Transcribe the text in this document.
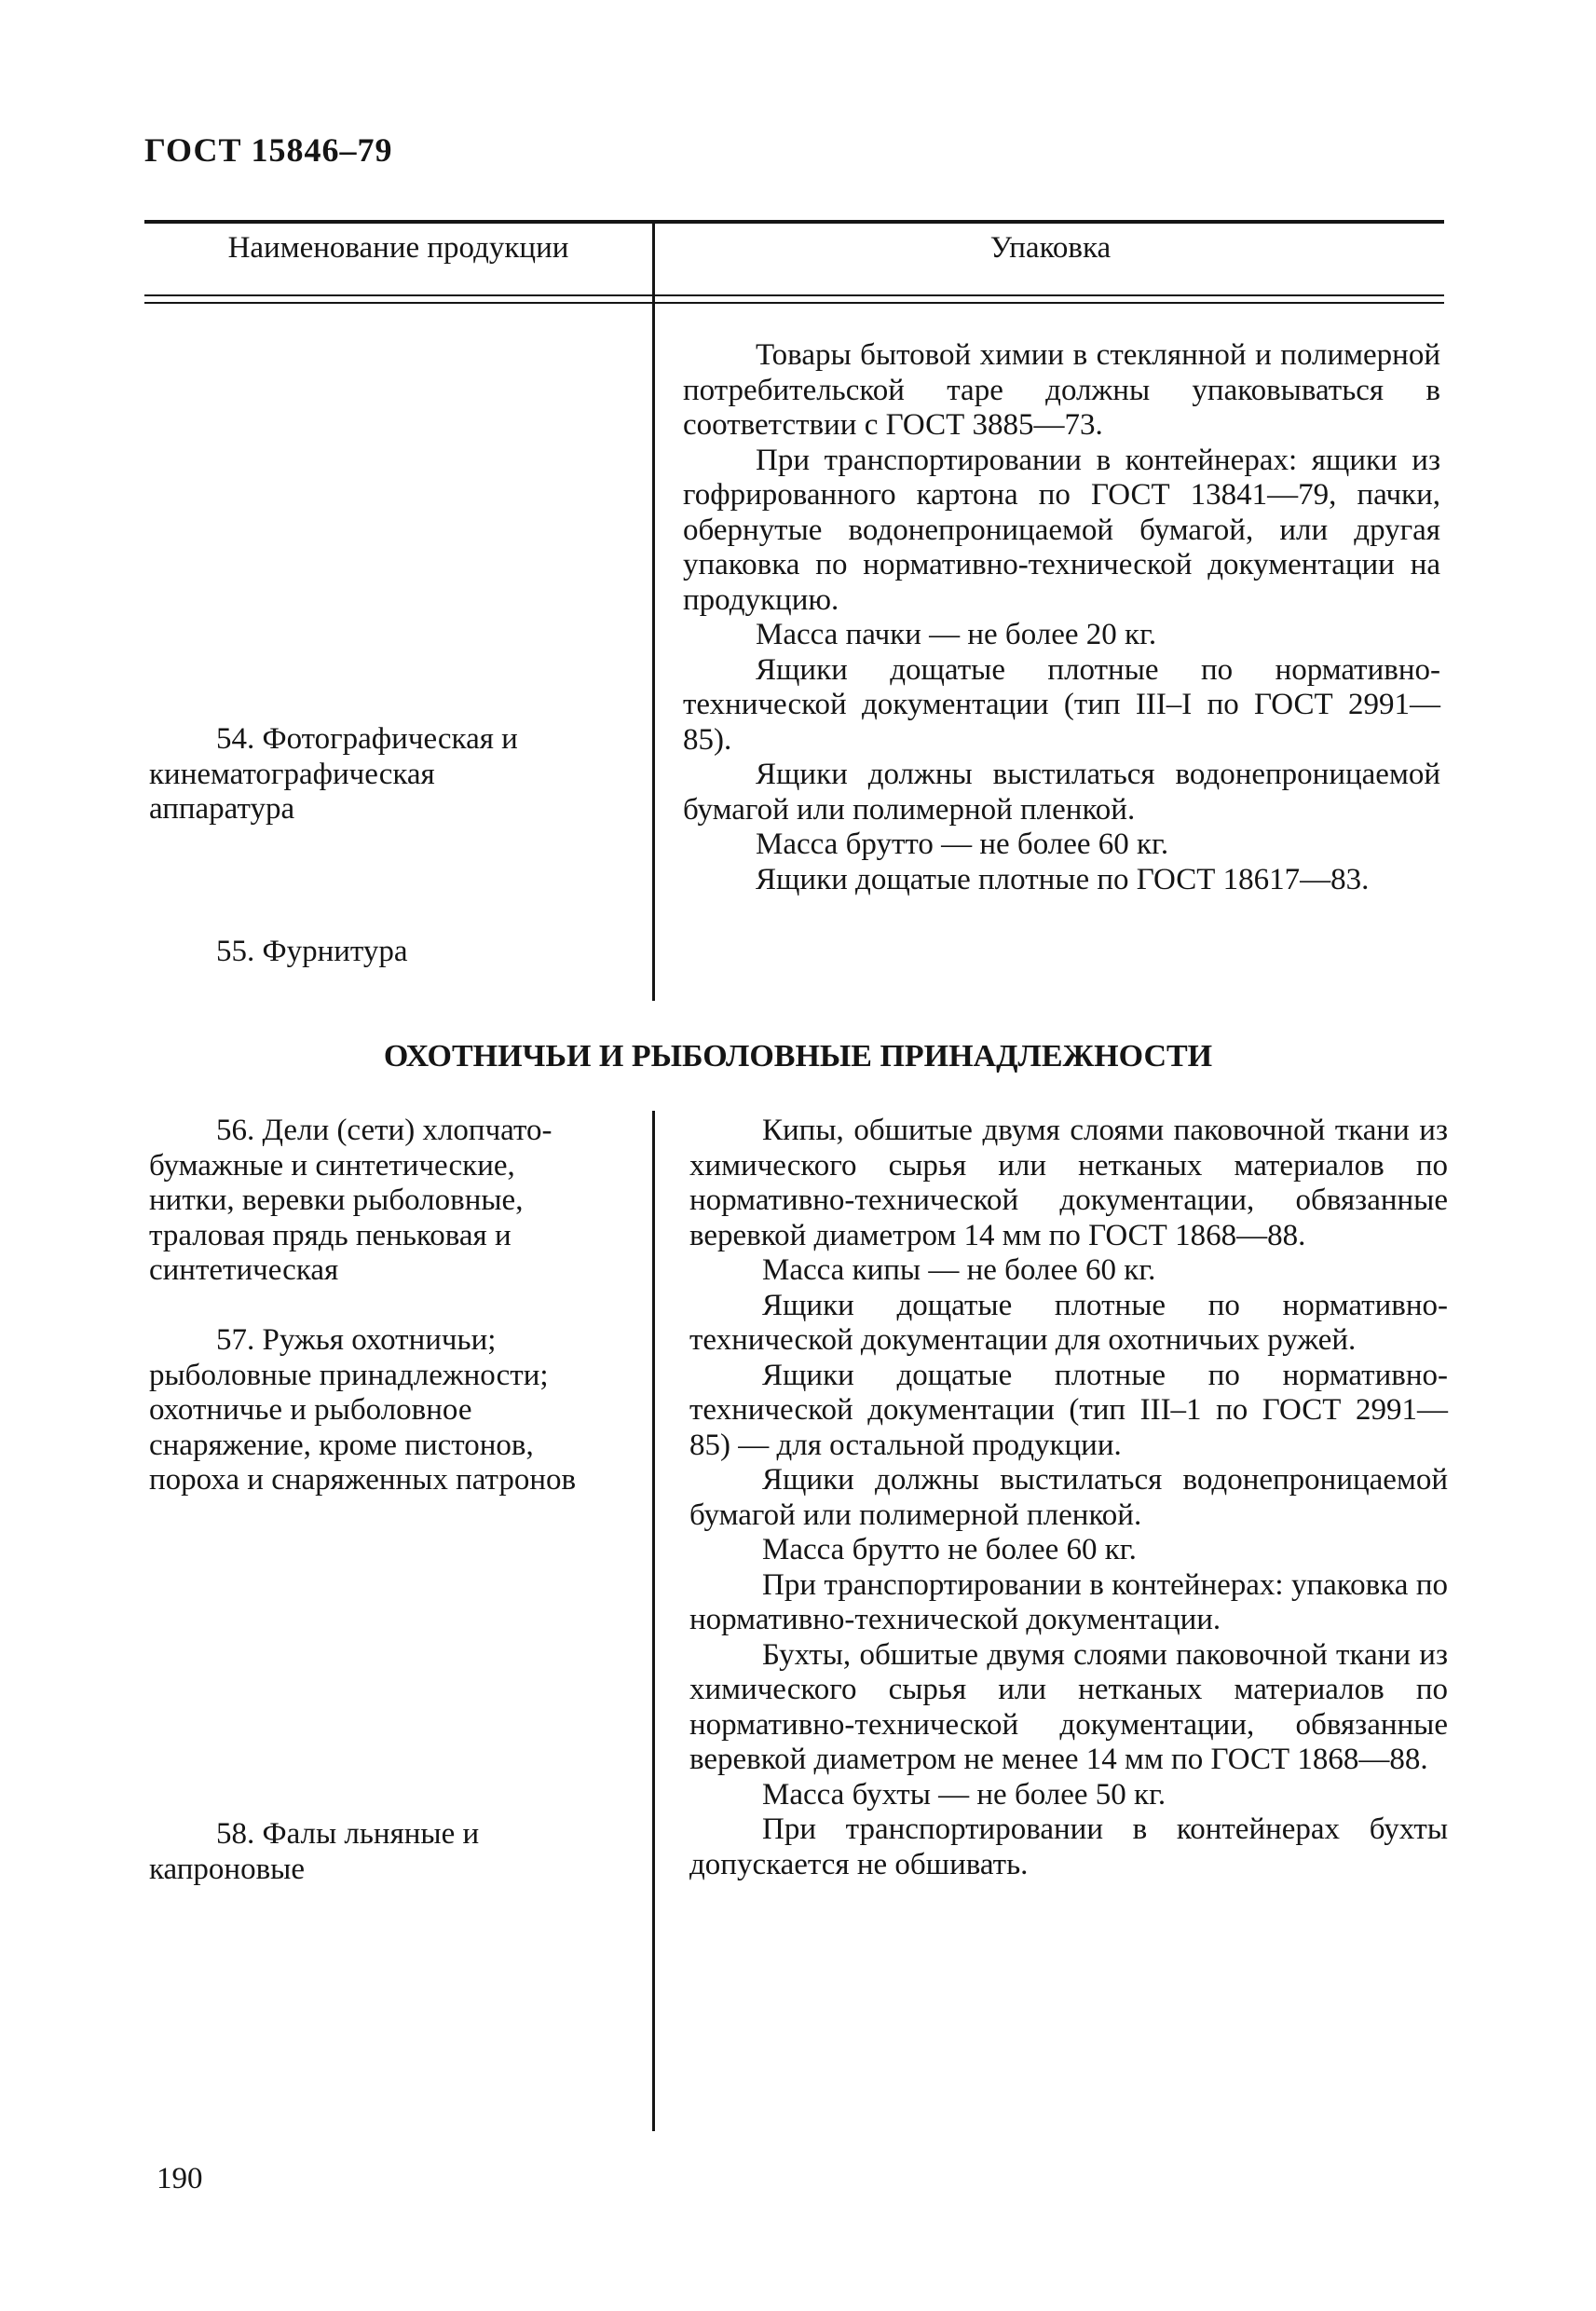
ГОСТ 15846–79
Наименование продукции	Упаковка

Товары бытовой химии в стеклянной и полимерной потребительской таре должны упаковываться в соответствии с ГОСТ 3885—73.

При транспортировании в контейнерах: ящики из гофрированного картона по ГОСТ 13841—79, пачки, обернутые водонепроницаемой бумагой, или другая упаковка по нормативно-технической документации на продукцию.

Масса пачки — не более 20 кг.

Ящики дощатые плотные по нормативно-технической документации (тип III–I по ГОСТ 2991—85).

Ящики должны выстилаться водонепроницаемой бумагой или полимерной пленкой.

Масса брутто — не более 60 кг.

Ящики дощатые плотные по ГОСТ 18617—83.

54. Фотографическая и кинематографическая аппаратура
55. Фурнитура
ОХОТНИЧЬИ И РЫБОЛОВНЫЕ ПРИНАДЛЕЖНОСТИ
56. Дели (сети) хлопчато-бумажные и синтетические, нитки, веревки рыболовные, траловая прядь пеньковая и синтетическая
57. Ружья охотничьи; рыболовные принадлежности; охотничье и рыболовное снаряжение, кроме пистонов, пороха и снаряженных патронов
58. Фалы льняные и капроновые

Кипы, обшитые двумя слоями паковочной ткани из химического сырья или нетканых материалов по нормативно-технической документации, обвязанные веревкой диаметром 14 мм по ГОСТ 1868—88.

Масса кипы — не более 60 кг.

Ящики дощатые плотные по нормативно-технической документации для охотничьих ружей.

Ящики дощатые плотные по нормативно-технической документации (тип III–1 по ГОСТ 2991—85) — для остальной продукции.

Ящики должны выстилаться водонепроницаемой бумагой или полимерной пленкой.

Масса брутто не более 60 кг.

При транспортировании в контейнерах: упаковка по нормативно-технической документации.

Бухты, обшитые двумя слоями паковочной ткани из химического сырья или нетканых материалов по нормативно-технической документации, обвязанные веревкой диаметром не менее 14 мм по ГОСТ 1868—88.

Масса бухты — не более 50 кг.

При транспортировании в контейнерах бухты допускается не обшивать.

190
